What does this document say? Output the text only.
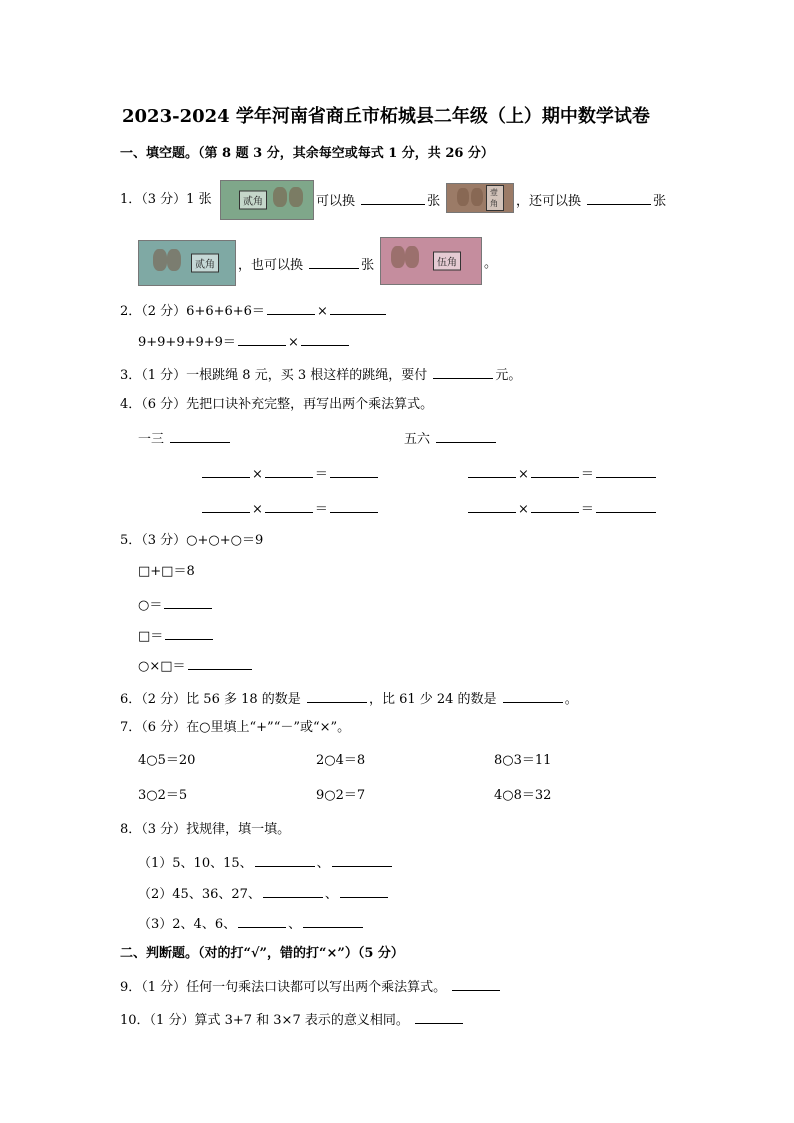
2023-2024 学年河南省商丘市柘城县二年级（上）期中数学试卷
一、填空题。（第 8 题 3 分，其余每空或每式 1 分，共 26 分）
1．（3 分）1 张	贰角	可以换	张
壹角	，还可以换	张
贰角	，也可以换	张	伍角	。
2．（2 分）6+6+6+6＝	×
9+9+9+9+9＝	×
3．（1 分）一根跳绳 8 元，买 3 根这样的跳绳，要付	元。
4．（6 分）先把口诀补充完整，再写出两个乘法算式。
一三	五六
×	＝	×	＝
×	＝	×	＝
5．（3 分）○+○+○＝9
□+□＝8
○＝
□＝
○×□＝
6．（2 分）比 56 多 18 的数是	，比 61 少 24 的数是	。
7．（6 分）在○里填上“+”“－”或“×”。
4○5＝20	2○4＝8	8○3＝11
3○2＝5	9○2＝7	4○8＝32
8．（3 分）找规律，填一填。
（1）5、10、15、	、
（2）45、36、27、	、
（3）2、4、6、	、
二、判断题。（对的打“√”，错的打“×”）（5 分）
9．（1 分）任何一句乘法口诀都可以写出两个乘法算式。
10．（1 分）算式 3+7 和 3×7 表示的意义相同。
